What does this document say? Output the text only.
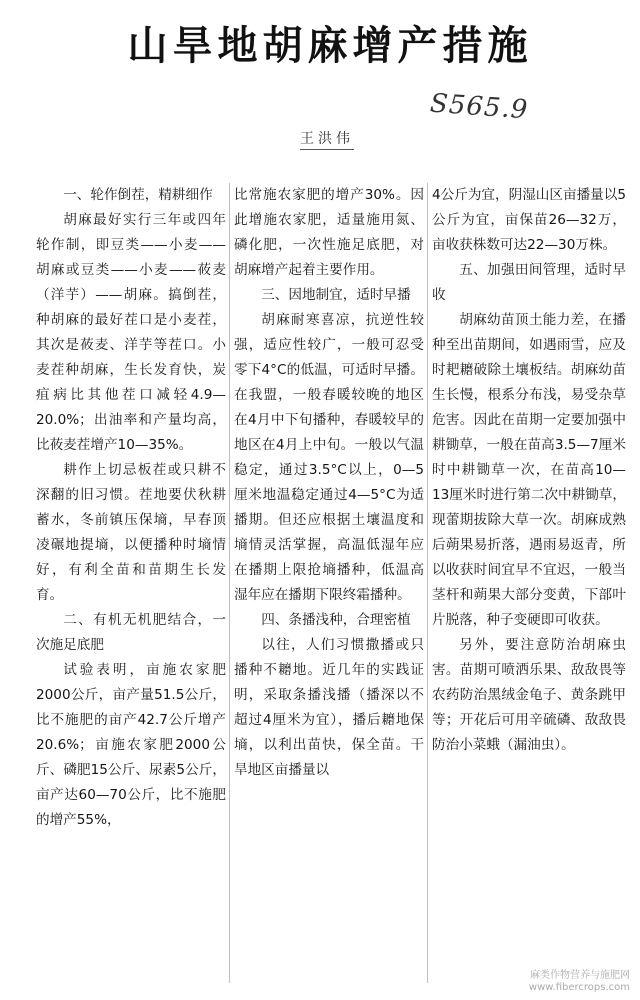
山旱地胡麻增产措施
S565.9
王洪伟

一、轮作倒茬，精耕细作

胡麻最好实行三年或四年轮作制，即豆类——小麦——胡麻或豆类——小麦——莜麦（洋芋）——胡麻。搞倒茬，种胡麻的最好茬口是小麦茬，其次是莜麦、洋芋等茬口。小麦茬种胡麻，生长发育快，炭疽病比其他茬口减轻4.9—20.0%；出油率和产量均高，比莜麦茬增产10—35%。

耕作上切忌板茬或只耕不深翻的旧习惯。茬地要伏秋耕蓄水，冬前镇压保墒，早春顶凌碾地提墒，以便播种时墒情好，有利全苗和苗期生长发育。

二、有机无机肥结合，一次施足底肥

试验表明，亩施农家肥2000公斤，亩产量51.5公斤，比不施肥的亩产42.7公斤增产20.6%；亩施农家肥2000公斤、磷肥15公斤、尿素5公斤，亩产达60—70公斤，比不施肥的增产55%，

比常施农家肥的增产30%。因此增施农家肥，适量施用氮、磷化肥，一次性施足底肥，对胡麻增产起着主要作用。

三、因地制宜，适时早播

胡麻耐寒喜凉，抗逆性较强，适应性较广，一般可忍受零下4°C的低温，可适时早播。在我盟，一般春暖较晚的地区在4月中下旬播种，春暖较早的地区在4月上中旬。一般以气温稳定，通过3.5°C以上，0—5厘米地温稳定通过4—5°C为适播期。但还应根据土壤温度和墒情灵活掌握，高温低湿年应在播期上限抢墒播种，低温高湿年应在播期下限终霜播种。

四、条播浅种，合理密植

以往，人们习惯撒播或只播种不耱地。近几年的实践证明，采取条播浅播（播深以不超过4厘米为宜），播后耱地保墒，以利出苗快，保全苗。干旱地区亩播量以

4公斤为宜，阴湿山区亩播量以5公斤为宜，亩保苗26—32万，亩收获株数可达22—30万株。

五、加强田间管理，适时早收

胡麻幼苗顶土能力差，在播种至出苗期间，如遇雨雪，应及时耙耱破除土壤板结。胡麻幼苗生长慢，根系分布浅，易受杂草危害。因此在苗期一定要加强中耕锄草，一般在苗高3.5—7厘米时中耕锄草一次，在苗高10—13厘米时进行第二次中耕锄草，现蕾期拔除大草一次。胡麻成熟后蒴果易折落，遇雨易返青，所以收获时间宜早不宜迟，一般当茎杆和蒴果大部分变黄，下部叶片脱落，种子变硬即可收获。

另外，要注意防治胡麻虫害。苗期可喷洒乐果、敌敌畏等农药防治黑绒金龟子、黄条跳甲等；开花后可用辛硫磷、敌敌畏防治小菜蛾（漏油虫）。

麻类作物营养与施肥网
www.fibercrops.com
